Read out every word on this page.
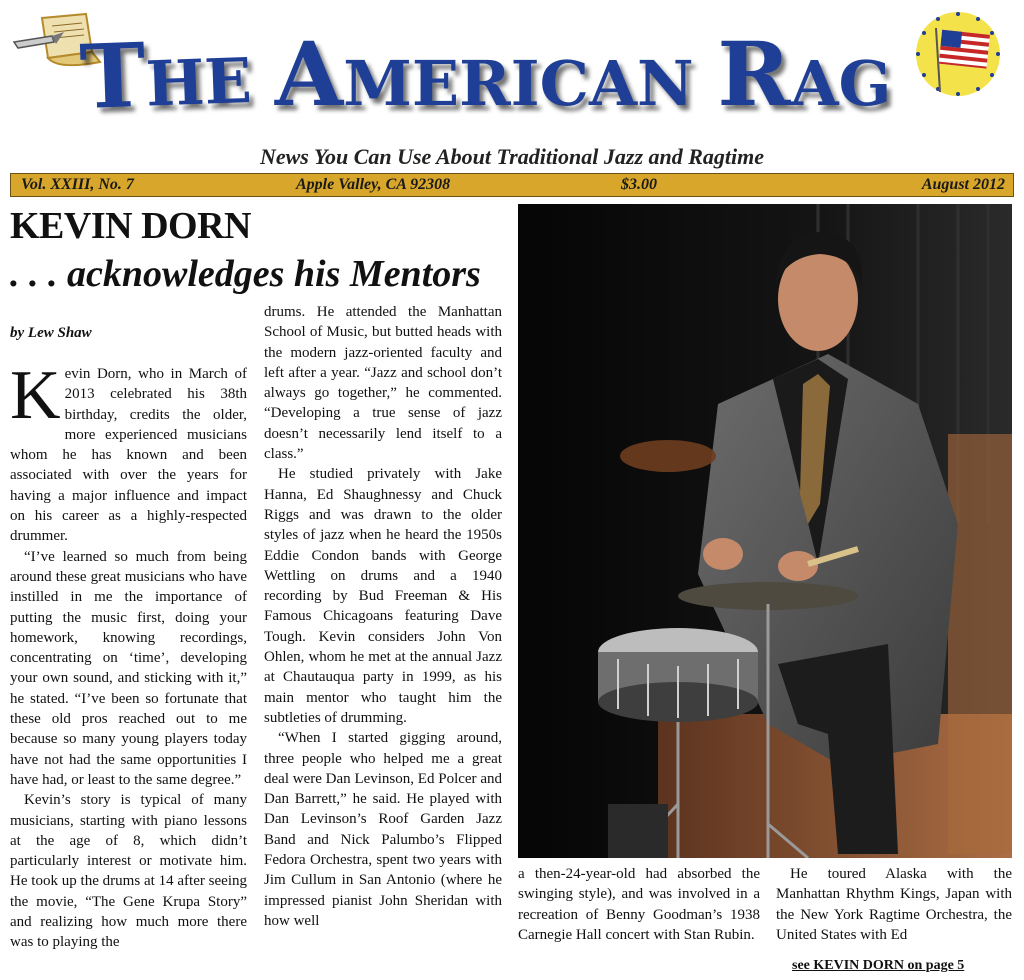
THE AMERICAN RAG
News You Can Use About Traditional Jazz and Ragtime
Vol. XXIII, No. 7	Apple Valley, CA 92308	$3.00	August 2012
KEVIN DORN
. . . acknowledges his Mentors
by Lew Shaw

Kevin Dorn, who in March of 2013 celebrated his 38th birthday, credits the older, more experienced musicians whom he has known and been associated with over the years for having a major influence and impact on his career as a highly-respected drummer.

“I’ve learned so much from being around these great musicians who have instilled in me the importance of putting the music first, doing your homework, knowing recordings, concentrating on ‘time’, developing your own sound, and sticking with it,” he stated. “I’ve been so fortunate that these old pros reached out to me because so many young players today have not had the same opportunities I have had, or least to the same degree.”

Kevin’s story is typical of many musicians, starting with piano lessons at the age of 8, which didn’t particularly interest or motivate him. He took up the drums at 14 after seeing the movie, “The Gene Krupa Story” and realizing how much more there was to playing the

drums. He attended the Manhattan School of Music, but butted heads with the modern jazz-oriented faculty and left after a year. “Jazz and school don’t always go together,” he commented. “Developing a true sense of jazz doesn’t necessarily lend itself to a class.”

He studied privately with Jake Hanna, Ed Shaughnessy and Chuck Riggs and was drawn to the older styles of jazz when he heard the 1950s Eddie Condon bands with George Wettling on drums and a 1940 recording by Bud Freeman & His Famous Chicagoans featuring Dave Tough. Kevin considers John Von Ohlen, whom he met at the annual Jazz at Chautauqua party in 1999, as his main mentor who taught him the subtleties of drumming.

“When I started gigging around, three people who helped me a great deal were Dan Levinson, Ed Polcer and Dan Barrett,” he said. He played with Dan Levinson’s Roof Garden Jazz Band and Nick Palumbo’s Flipped Fedora Orchestra, spent two years with Jim Cullum in San Antonio (where he impressed pianist John Sheridan with how well

a then-24-year-old had absorbed the swinging style), and was involved in a recreation of Benny Goodman’s 1938 Carnegie Hall concert with Stan Rubin.

He toured Alaska with the Manhattan Rhythm Kings, Japan with the New York Ragtime Orchestra, the United States with Ed

see KEVIN DORN on page 5
